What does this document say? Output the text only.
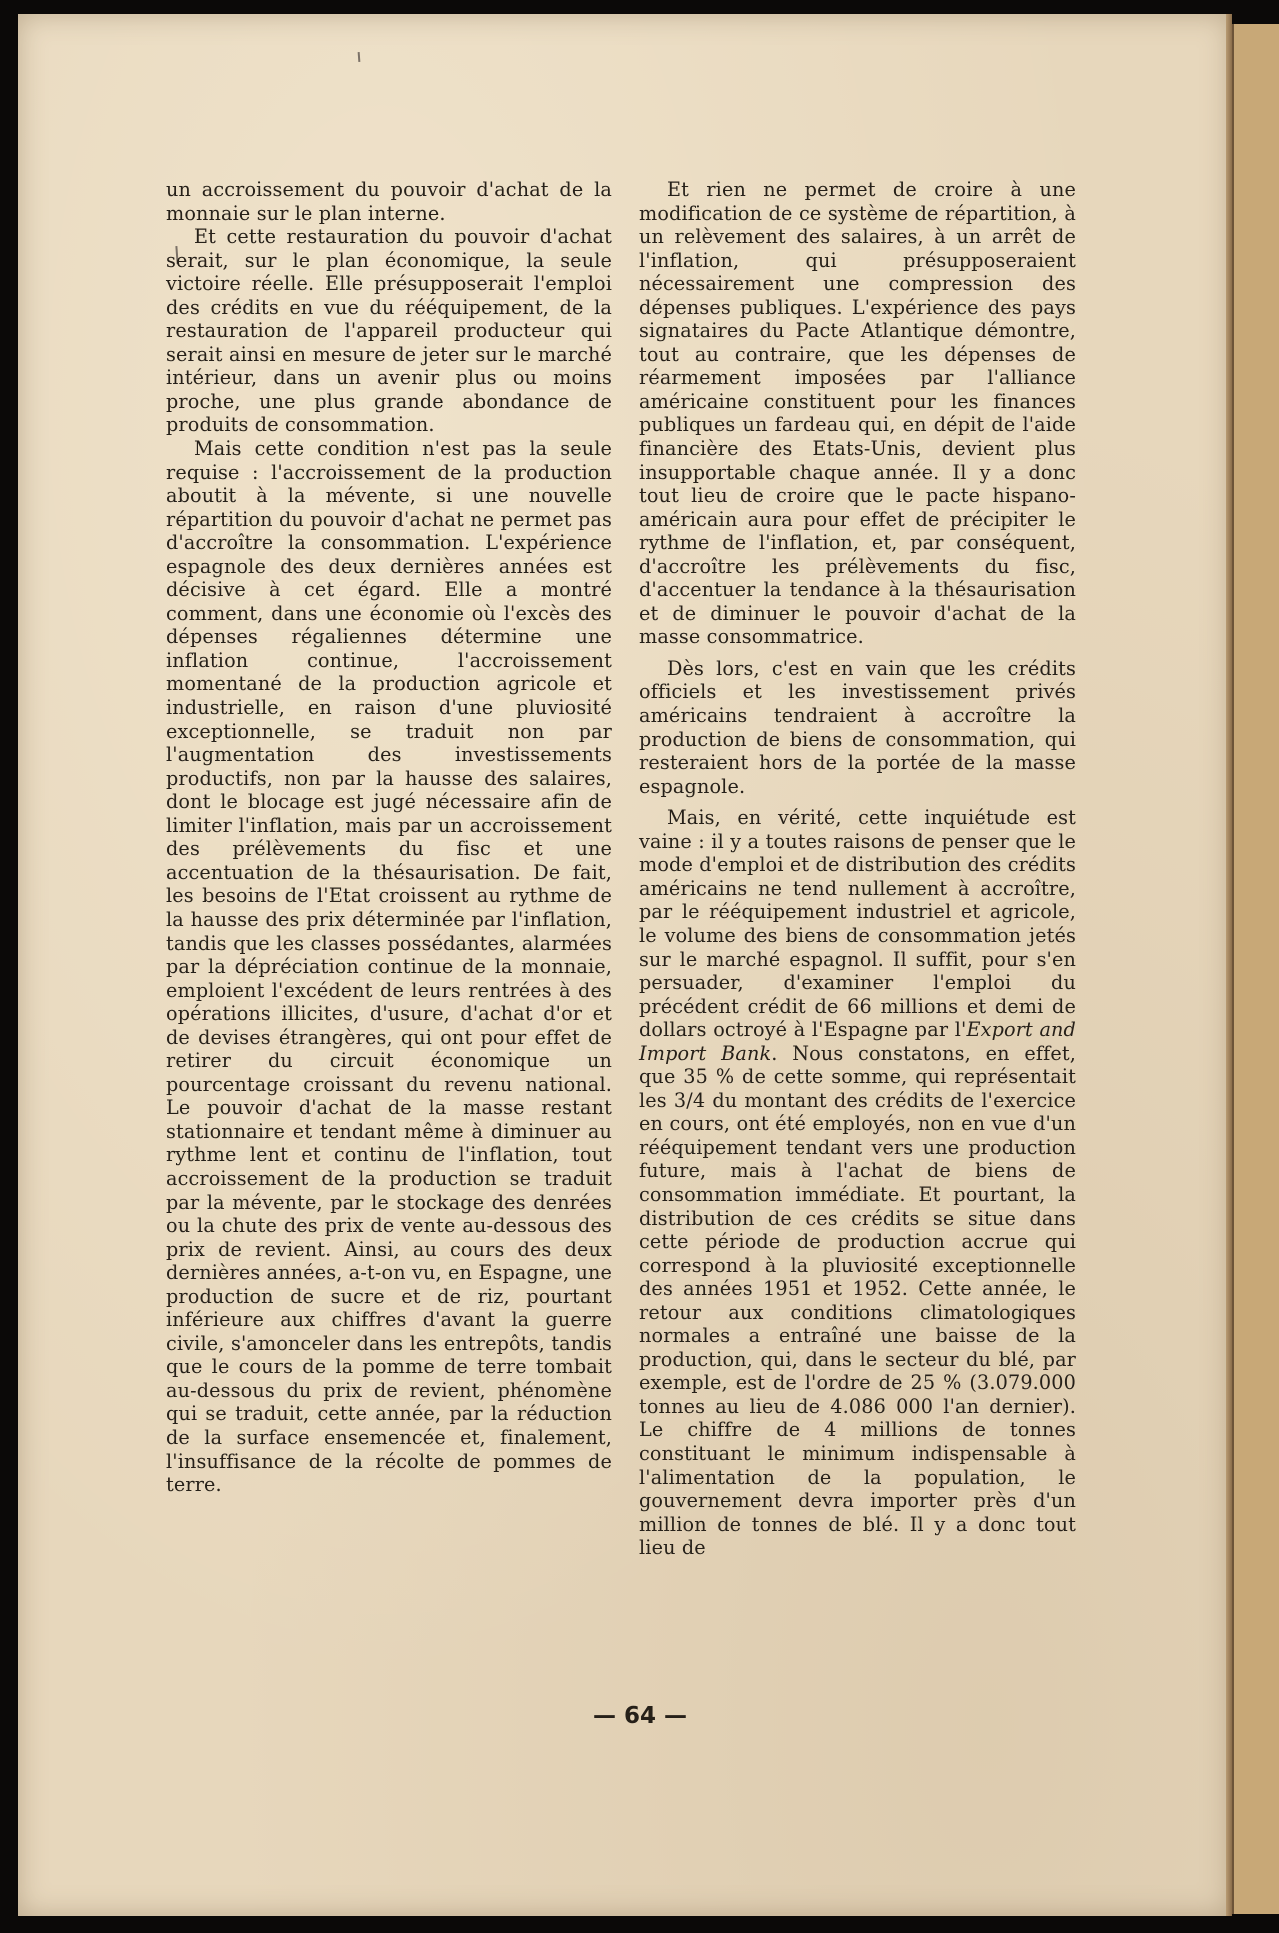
un accroissement du pouvoir d'achat de la monnaie sur le plan interne.

Et cette restauration du pouvoir d'achat serait, sur le plan économique, la seule victoire réelle. Elle présupposerait l'emploi des crédits en vue du rééquipement, de la restauration de l'appareil producteur qui serait ainsi en mesure de jeter sur le marché intérieur, dans un avenir plus ou moins proche, une plus grande abondance de produits de consommation.

Mais cette condition n'est pas la seule requise : l'accroissement de la production aboutit à la mévente, si une nouvelle répartition du pouvoir d'achat ne permet pas d'accroître la consommation. L'expérience espagnole des deux dernières années est décisive à cet égard. Elle a montré comment, dans une économie où l'excès des dépenses régaliennes détermine une inflation continue, l'accroissement momentané de la production agricole et industrielle, en raison d'une pluviosité exceptionnelle, se traduit non par l'augmentation des investissements productifs, non par la hausse des salaires, dont le blocage est jugé nécessaire afin de limiter l'inflation, mais par un accroissement des prélèvements du fisc et une accentuation de la thésaurisation. De fait, les besoins de l'Etat croissent au rythme de la hausse des prix déterminée par l'inflation, tandis que les classes possédantes, alarmées par la dépréciation continue de la monnaie, emploient l'excédent de leurs rentrées à des opérations illicites, d'usure, d'achat d'or et de devises étrangères, qui ont pour effet de retirer du circuit économique un pourcentage croissant du revenu national. Le pouvoir d'achat de la masse restant stationnaire et tendant même à diminuer au rythme lent et continu de l'inflation, tout accroissement de la production se traduit par la mévente, par le stockage des denrées ou la chute des prix de vente au-dessous des prix de revient. Ainsi, au cours des deux dernières années, a-t-on vu, en Espagne, une production de sucre et de riz, pourtant inférieure aux chiffres d'avant la guerre civile, s'amonceler dans les entrepôts, tandis que le cours de la pomme de terre tombait au-dessous du prix de revient, phénomène qui se traduit, cette année, par la réduction de la surface ensemencée et, finalement, l'insuffisance de la récolte de pommes de terre.

Et rien ne permet de croire à une modification de ce système de répartition, à un relèvement des salaires, à un arrêt de l'inflation, qui présupposeraient nécessairement une compression des dépenses publiques. L'expérience des pays signataires du Pacte Atlantique démontre, tout au contraire, que les dépenses de réarmement imposées par l'alliance américaine constituent pour les finances publiques un fardeau qui, en dépit de l'aide financière des Etats-Unis, devient plus insupportable chaque année. Il y a donc tout lieu de croire que le pacte hispano-américain aura pour effet de précipiter le rythme de l'inflation, et, par conséquent, d'accroître les prélèvements du fisc, d'accentuer la tendance à la thésaurisation et de diminuer le pouvoir d'achat de la masse consommatrice.

Dès lors, c'est en vain que les crédits officiels et les investissement privés américains tendraient à accroître la production de biens de consommation, qui resteraient hors de la portée de la masse espagnole.

Mais, en vérité, cette inquiétude est vaine : il y a toutes raisons de penser que le mode d'emploi et de distribution des crédits américains ne tend nullement à accroître, par le rééquipement industriel et agricole, le volume des biens de consommation jetés sur le marché espagnol. Il suffit, pour s'en persuader, d'examiner l'emploi du précédent crédit de 66 millions et demi de dollars octroyé à l'Espagne par l'Export and Import Bank. Nous constatons, en effet, que 35 % de cette somme, qui représentait les 3/4 du montant des crédits de l'exercice en cours, ont été employés, non en vue d'un rééquipement tendant vers une production future, mais à l'achat de biens de consommation immédiate. Et pourtant, la distribution de ces crédits se situe dans cette période de production accrue qui correspond à la pluviosité exceptionnelle des années 1951 et 1952. Cette année, le retour aux conditions climatologiques normales a entraîné une baisse de la production, qui, dans le secteur du blé, par exemple, est de l'ordre de 25 % (3.079.000 tonnes au lieu de 4.086 000 l'an dernier). Le chiffre de 4 millions de tonnes constituant le minimum indispensable à l'alimentation de la population, le gouvernement devra importer près d'un million de tonnes de blé. Il y a donc tout lieu de

— 64 —
